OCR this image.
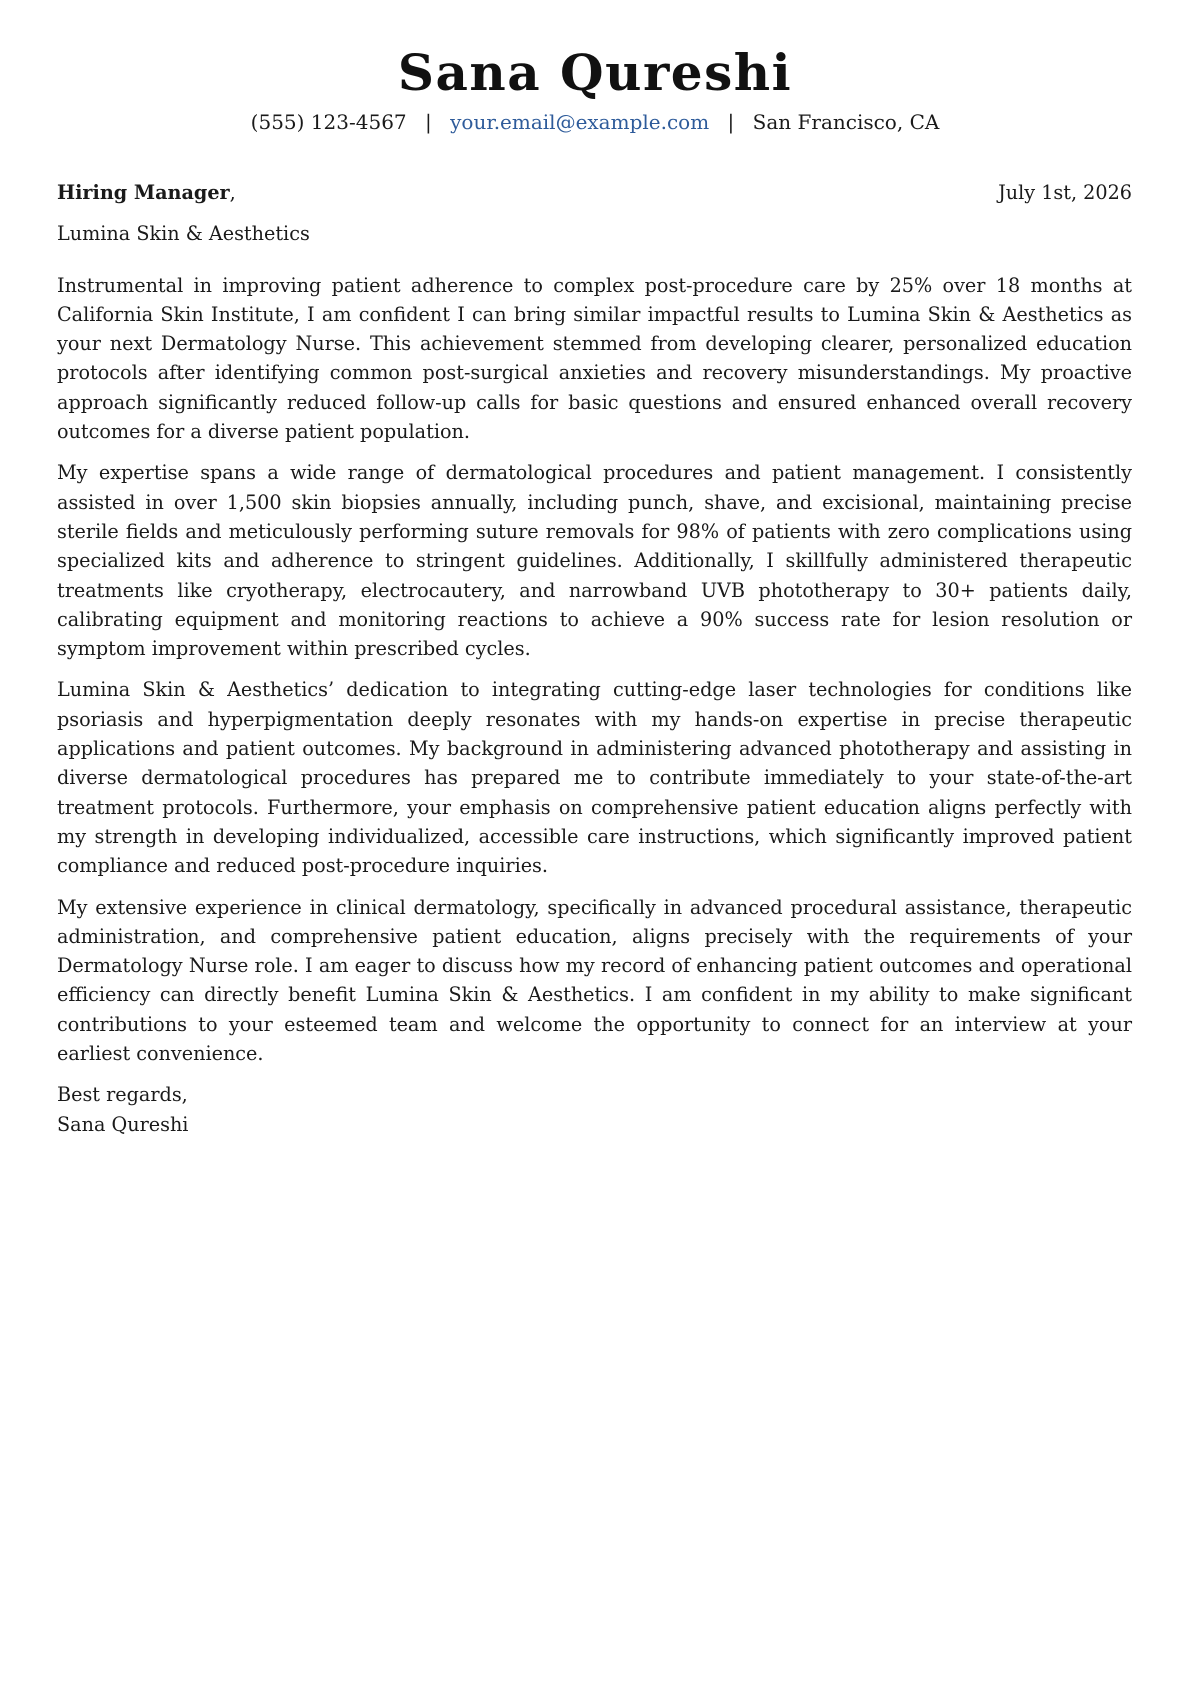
Sana Qureshi
(555) 123-4567 | your.email@example.com | San Francisco, CA
Hiring Manager,	July 1st, 2026
Lumina Skin & Aesthetics

Instrumental in improving patient adherence to complex post-procedure care by 25% over 18 months at California Skin Institute, I am confident I can bring similar impactful results to Lumina Skin & Aesthetics as your next Dermatology Nurse. This achievement stemmed from developing clearer, personalized education protocols after identifying common post-surgical anxieties and recovery misunderstandings. My proactive approach significantly reduced follow-up calls for basic questions and ensured enhanced overall recovery outcomes for a diverse patient population.

My expertise spans a wide range of dermatological procedures and patient management. I consistently assisted in over 1,500 skin biopsies annually, including punch, shave, and excisional, maintaining precise sterile fields and meticulously performing suture removals for 98% of patients with zero complications using specialized kits and adherence to stringent guidelines. Additionally, I skillfully administered therapeutic treatments like cryotherapy, electrocautery, and narrowband UVB phototherapy to 30+ patients daily, calibrating equipment and monitoring reactions to achieve a 90% success rate for lesion resolution or symptom improvement within prescribed cycles.

Lumina Skin & Aesthetics’ dedication to integrating cutting-edge laser technologies for conditions like psoriasis and hyperpigmentation deeply resonates with my hands-on expertise in precise therapeutic applications and patient outcomes. My background in administering advanced phototherapy and assisting in diverse dermatological procedures has prepared me to contribute immediately to your state-of-the-art treatment protocols. Furthermore, your emphasis on comprehensive patient education aligns perfectly with my strength in developing individualized, accessible care instructions, which significantly improved patient compliance and reduced post-procedure inquiries.

My extensive experience in clinical dermatology, specifically in advanced procedural assistance, therapeutic administration, and comprehensive patient education, aligns precisely with the requirements of your Dermatology Nurse role. I am eager to discuss how my record of enhancing patient outcomes and operational efficiency can directly benefit Lumina Skin & Aesthetics. I am confident in my ability to make significant contributions to your esteemed team and welcome the opportunity to connect for an interview at your earliest convenience.

Best regards,
Sana Qureshi
